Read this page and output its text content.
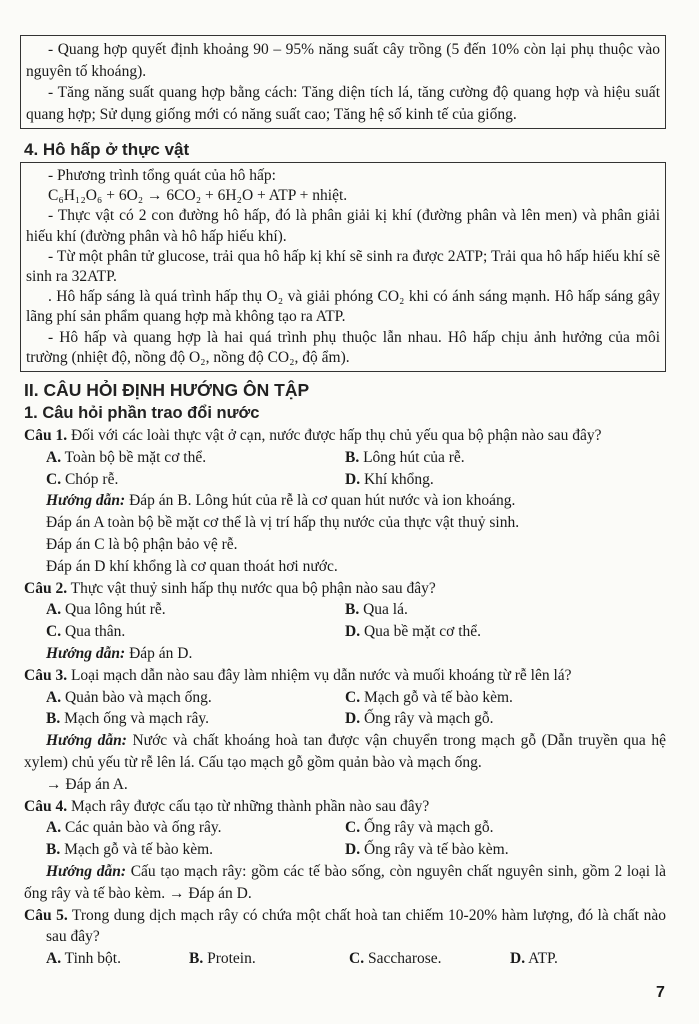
- Quang hợp quyết định khoảng 90 – 95% năng suất cây trồng (5 đến 10% còn lại phụ thuộc vào nguyên tố khoáng).

- Tăng năng suất quang hợp bằng cách: Tăng diện tích lá, tăng cường độ quang hợp và hiệu suất quang hợp; Sử dụng giống mới có năng suất cao; Tăng hệ số kinh tế của giống.

4. Hô hấp ở thực vật

- Phương trình tổng quát của hô hấp:

C₆H₁₂O₆ + 6O₂ → 6CO₂ + 6H₂O + ATP + nhiệt.

- Thực vật có 2 con đường hô hấp, đó là phân giải kị khí (đường phân và lên men) và phân giải hiếu khí (đường phân và hô hấp hiếu khí).

- Từ một phân tử glucose, trải qua hô hấp kị khí sẽ sinh ra được 2ATP; Trải qua hô hấp hiếu khí sẽ sinh ra 32ATP.

. Hô hấp sáng là quá trình hấp thụ O₂ và giải phóng CO₂ khi có ánh sáng mạnh. Hô hấp sáng gây lãng phí sản phẩm quang hợp mà không tạo ra ATP.

- Hô hấp và quang hợp là hai quá trình phụ thuộc lẫn nhau. Hô hấp chịu ảnh hưởng của môi trường (nhiệt độ, nồng độ O₂, nồng độ CO₂, độ ẩm).

II. CÂU HỎI ĐỊNH HƯỚNG ÔN TẬP
1. Câu hỏi phần trao đổi nước

Câu 1. Đối với các loài thực vật ở cạn, nước được hấp thụ chủ yếu qua bộ phận nào sau đây?

A. Toàn bộ bề mặt cơ thể.	B. Lông hút của rễ.
C. Chóp rễ.	D. Khí khổng.

Hướng dẫn: Đáp án B. Lông hút của rễ là cơ quan hút nước và ion khoáng.

Đáp án A toàn bộ bề mặt cơ thể là vị trí hấp thụ nước của thực vật thuỷ sinh.

Đáp án C là bộ phận bảo vệ rễ.

Đáp án D khí khổng là cơ quan thoát hơi nước.

Câu 2. Thực vật thuỷ sinh hấp thụ nước qua bộ phận nào sau đây?

A. Qua lông hút rễ.	B. Qua lá.
C. Qua thân.	D. Qua bề mặt cơ thể.

Hướng dẫn: Đáp án D.

Câu 3. Loại mạch dẫn nào sau đây làm nhiệm vụ dẫn nước và muối khoáng từ rễ lên lá?

A. Quản bào và mạch ống.	C. Mạch gỗ và tế bào kèm.
B. Mạch ống và mạch rây.	D. Ống rây và mạch gỗ.

Hướng dẫn: Nước và chất khoáng hoà tan được vận chuyển trong mạch gỗ (Dẫn truyền qua hệ xylem) chủ yếu từ rễ lên lá. Cấu tạo mạch gỗ gồm quản bào và mạch ống.

→ Đáp án A.

Câu 4. Mạch rây được cấu tạo từ những thành phần nào sau đây?

A. Các quản bào và ống rây.	C. Ống rây và mạch gỗ.
B. Mạch gỗ và tế bào kèm.	D. Ống rây và tế bào kèm.

Hướng dẫn: Cấu tạo mạch rây: gồm các tế bào sống, còn nguyên chất nguyên sinh, gồm 2 loại là ống rây và tế bào kèm. → Đáp án D.

Câu 5. Trong dung dịch mạch rây có chứa một chất hoà tan chiếm 10-20% hàm lượng, đó là chất nào sau đây?

A. Tinh bột.	B. Protein.	C. Saccharose.	D. ATP.
7
